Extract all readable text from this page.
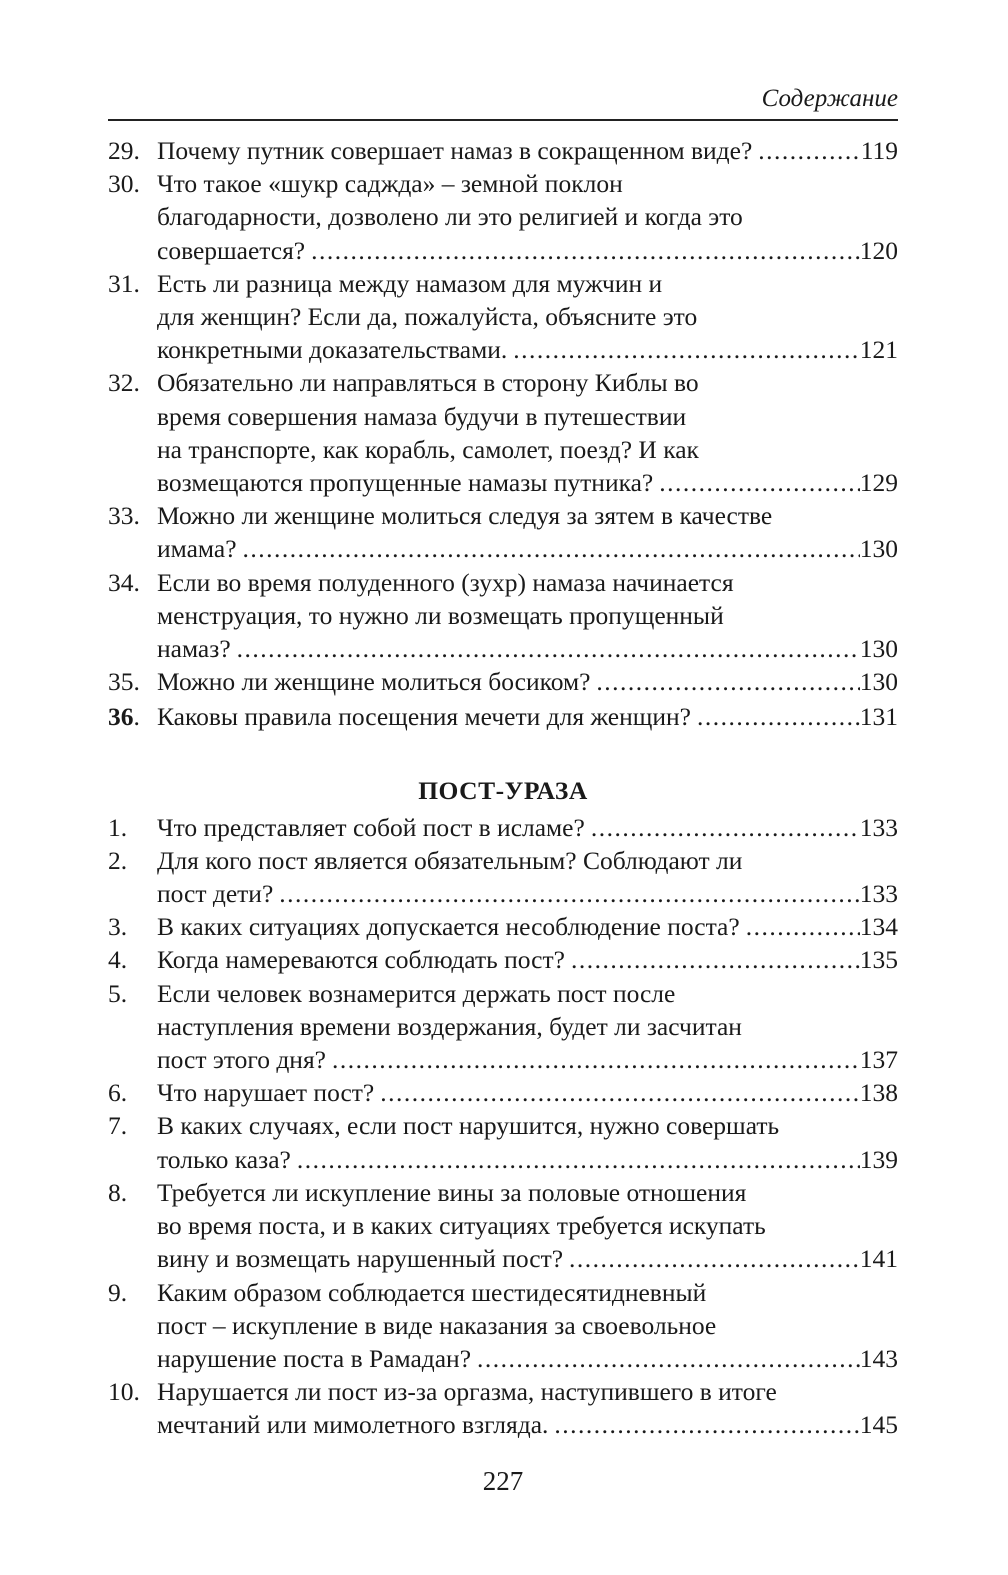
Содержание
29. Почему путник совершает намаз в сокращенном виде? .....	119
30. Что такое «шукр саджда» – земной поклон
благодарности, дозволено ли это религией и когда это
совершается? .....	120
31. Есть ли разница между намазом для мужчин и
для женщин? Если да, пожалуйста, объясните это
конкретными доказательствами. .....	121
32. Обязательно ли направляться в сторону Киблы во
время совершения намаза будучи в путешествии
на транспорте, как корабль, самолет, поезд? И как
возмещаются пропущенные намазы путника? .....	129
33. Можно ли женщине молиться следуя за зятем в качестве
имама? .....	130
34. Если во время полуденного (зухр) намаза начинается
менструация, то нужно ли возмещать пропущенный
намаз? .....	130
35. Можно ли женщине молиться босиком? .....	130
36. Каковы правила посещения мечети для женщин? .....	131
ПОСТ-УРАЗА
1.	Что представляет собой пост в исламе? .....	133
2.	Для кого пост является обязательным? Соблюдают ли
пост дети? .....	133
3.	В каких ситуациях допускается несоблюдение поста? .....	134
4.	Когда намереваются соблюдать пост? .....	135
5.	Если человек вознамерится держать пост после
наступления времени воздержания, будет ли засчитан
пост этого дня? .....	137
6.	Что нарушает пост? .....	138
7.	В каких случаях, если пост нарушится, нужно совершать
только каза? .....	139
8.	Требуется ли искупление вины за половые отношения
во время поста, и в каких ситуациях требуется искупать
вину и возмещать нарушенный пост? .....	141
9.	Каким образом соблюдается шестидесятидневный
пост – искупление в виде наказания за своевольное
нарушение поста в Рамадан? .....	143
10. Нарушается ли пост из-за оргазма, наступившего в итоге
мечтаний или мимолетного взгляда. .....	145
227
